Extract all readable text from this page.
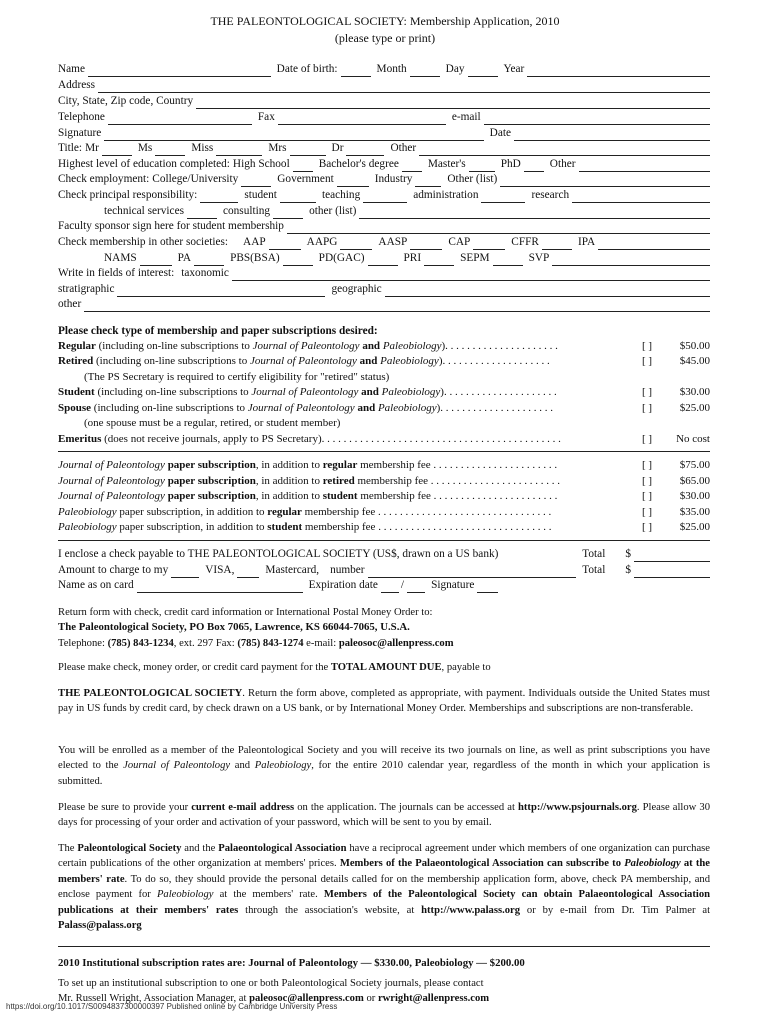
THE PALEONTOLOGICAL SOCIETY: Membership Application, 2010
(please type or print)
Name	Date of birth:	Month	Day	Year
Address
City, State, Zip code, Country
Telephone	Fax	e-mail
Signature	Date
Title: Mr	Ms	Miss	Mrs	Dr	Other
Highest level of education completed: High School	Bachelor's degree	Master's	PhD	Other
Check employment: College/University	Government	Industry	Other (list)
Check principal responsibility:	student	teaching	administration	research
technical services	consulting	other (list)
Faculty sponsor sign here for student membership
Check membership in other societies:	AAP	AAPG	AASP	CAP	CFFR	IPA
NAMS	PA	PBS(BSA)	PD(GAC)	PRI	SEPM	SVP
Write in fields of interest: taxonomic
stratigraphic	geographic
other
Please check type of membership and paper subscriptions desired:
Regular (including on-line subscriptions to Journal of Paleontology and Paleobiology). . . . . . . . . . . . . . . . . . . . .	[ ]	$50.00
Retired (including on-line subscriptions to Journal of Paleontology and Paleobiology). . . . . . . . . . . . . . . . . . . .	[ ]	$45.00
(The PS Secretary is required to certify eligibility for "retired" status)
Student (including on-line subscriptions to Journal of Paleontology and Paleobiology). . . . . . . . . . . . . . . . . . . . .	[ ]	$30.00
Spouse (including on-line subscriptions to Journal of Paleontology and Paleobiology). . . . . . . . . . . . . . . . . . . . .	[ ]	$25.00
(one spouse must be a regular, retired, or student member)
Emeritus (does not receive journals, apply to PS Secretary). . . . . . . . . . . . . . . . . . . . . . . . . . . . . . . . . . . . . . . . . . . .	[ ]	No cost
Journal of Paleontology paper subscription, in addition to regular membership fee . . . . . . . . . . . . . . . . . . . . . . .	[ ]	$75.00
Journal of Paleontology paper subscription, in addition to retired membership fee . . . . . . . . . . . . . . . . . . . . . . . .	[ ]	$65.00
Journal of Paleontology paper subscription, in addition to student membership fee . . . . . . . . . . . . . . . . . . . . . . .	[ ]	$30.00
Paleobiology paper subscription, in addition to regular membership fee . . . . . . . . . . . . . . . . . . . . . . . . . . . . . . . .	[ ]	$35.00
Paleobiology paper subscription, in addition to student membership fee . . . . . . . . . . . . . . . . . . . . . . . . . . . . . . . .	[ ]	$25.00
I enclose a check payable to THE PALEONTOLOGICAL SOCIETY (US$, drawn on a US bank)	Total	$
Amount to charge to my	VISA,	Mastercard, number	Total	$
Name as on card	Expiration date / Signature
Return form with check, credit card information or International Postal Money Order to:
The Paleontological Society, PO Box 7065, Lawrence, KS 66044-7065, U.S.A.
Telephone: (785) 843-1234, ext. 297 Fax: (785) 843-1274 e-mail: paleosoc@allenpress.com
Please make check, money order, or credit card payment for the TOTAL AMOUNT DUE, payable to
THE PALEONTOLOGICAL SOCIETY. Return the form above, completed as appropriate, with payment. Individuals outside the United States must pay in US funds by credit card, by check drawn on a US bank, or by International Money Order. Memberships and subscriptions are non-transferable.
You will be enrolled as a member of the Paleontological Society and you will receive its two journals on line, as well as print subscriptions you have elected to the Journal of Paleontology and Paleobiology, for the entire 2010 calendar year, regardless of the month in which your application is submitted.
Please be sure to provide your current e-mail address on the application. The journals can be accessed at http://www.psjournals.org. Please allow 30 days for processing of your order and activation of your password, which will be sent to you by email.
The Paleontological Society and the Palaeontological Association have a reciprocal agreement under which members of one organization can purchase certain publications of the other organization at members' prices. Members of the Palaeontological Association can subscribe to Paleobiology at the members' rate. To do so, they should provide the personal details called for on the membership application form, above, check PA membership, and enclose payment for Paleobiology at the members' rate. Members of the Paleontological Society can obtain Palaeontological Association publications at their members' rates through the association's website, at http://www.palass.org or by e-mail from Dr. Tim Palmer at Palass@palass.org
2010 Institutional subscription rates are: Journal of Paleontology — $330.00, Paleobiology — $200.00
To set up an institutional subscription to one or both Paleontological Society journals, please contact
Mr. Russell Wright, Association Manager, at paleosoc@allenpress.com or rwright@allenpress.com
https://doi.org/10.1017/S0094837300000397 Published online by Cambridge University Press
